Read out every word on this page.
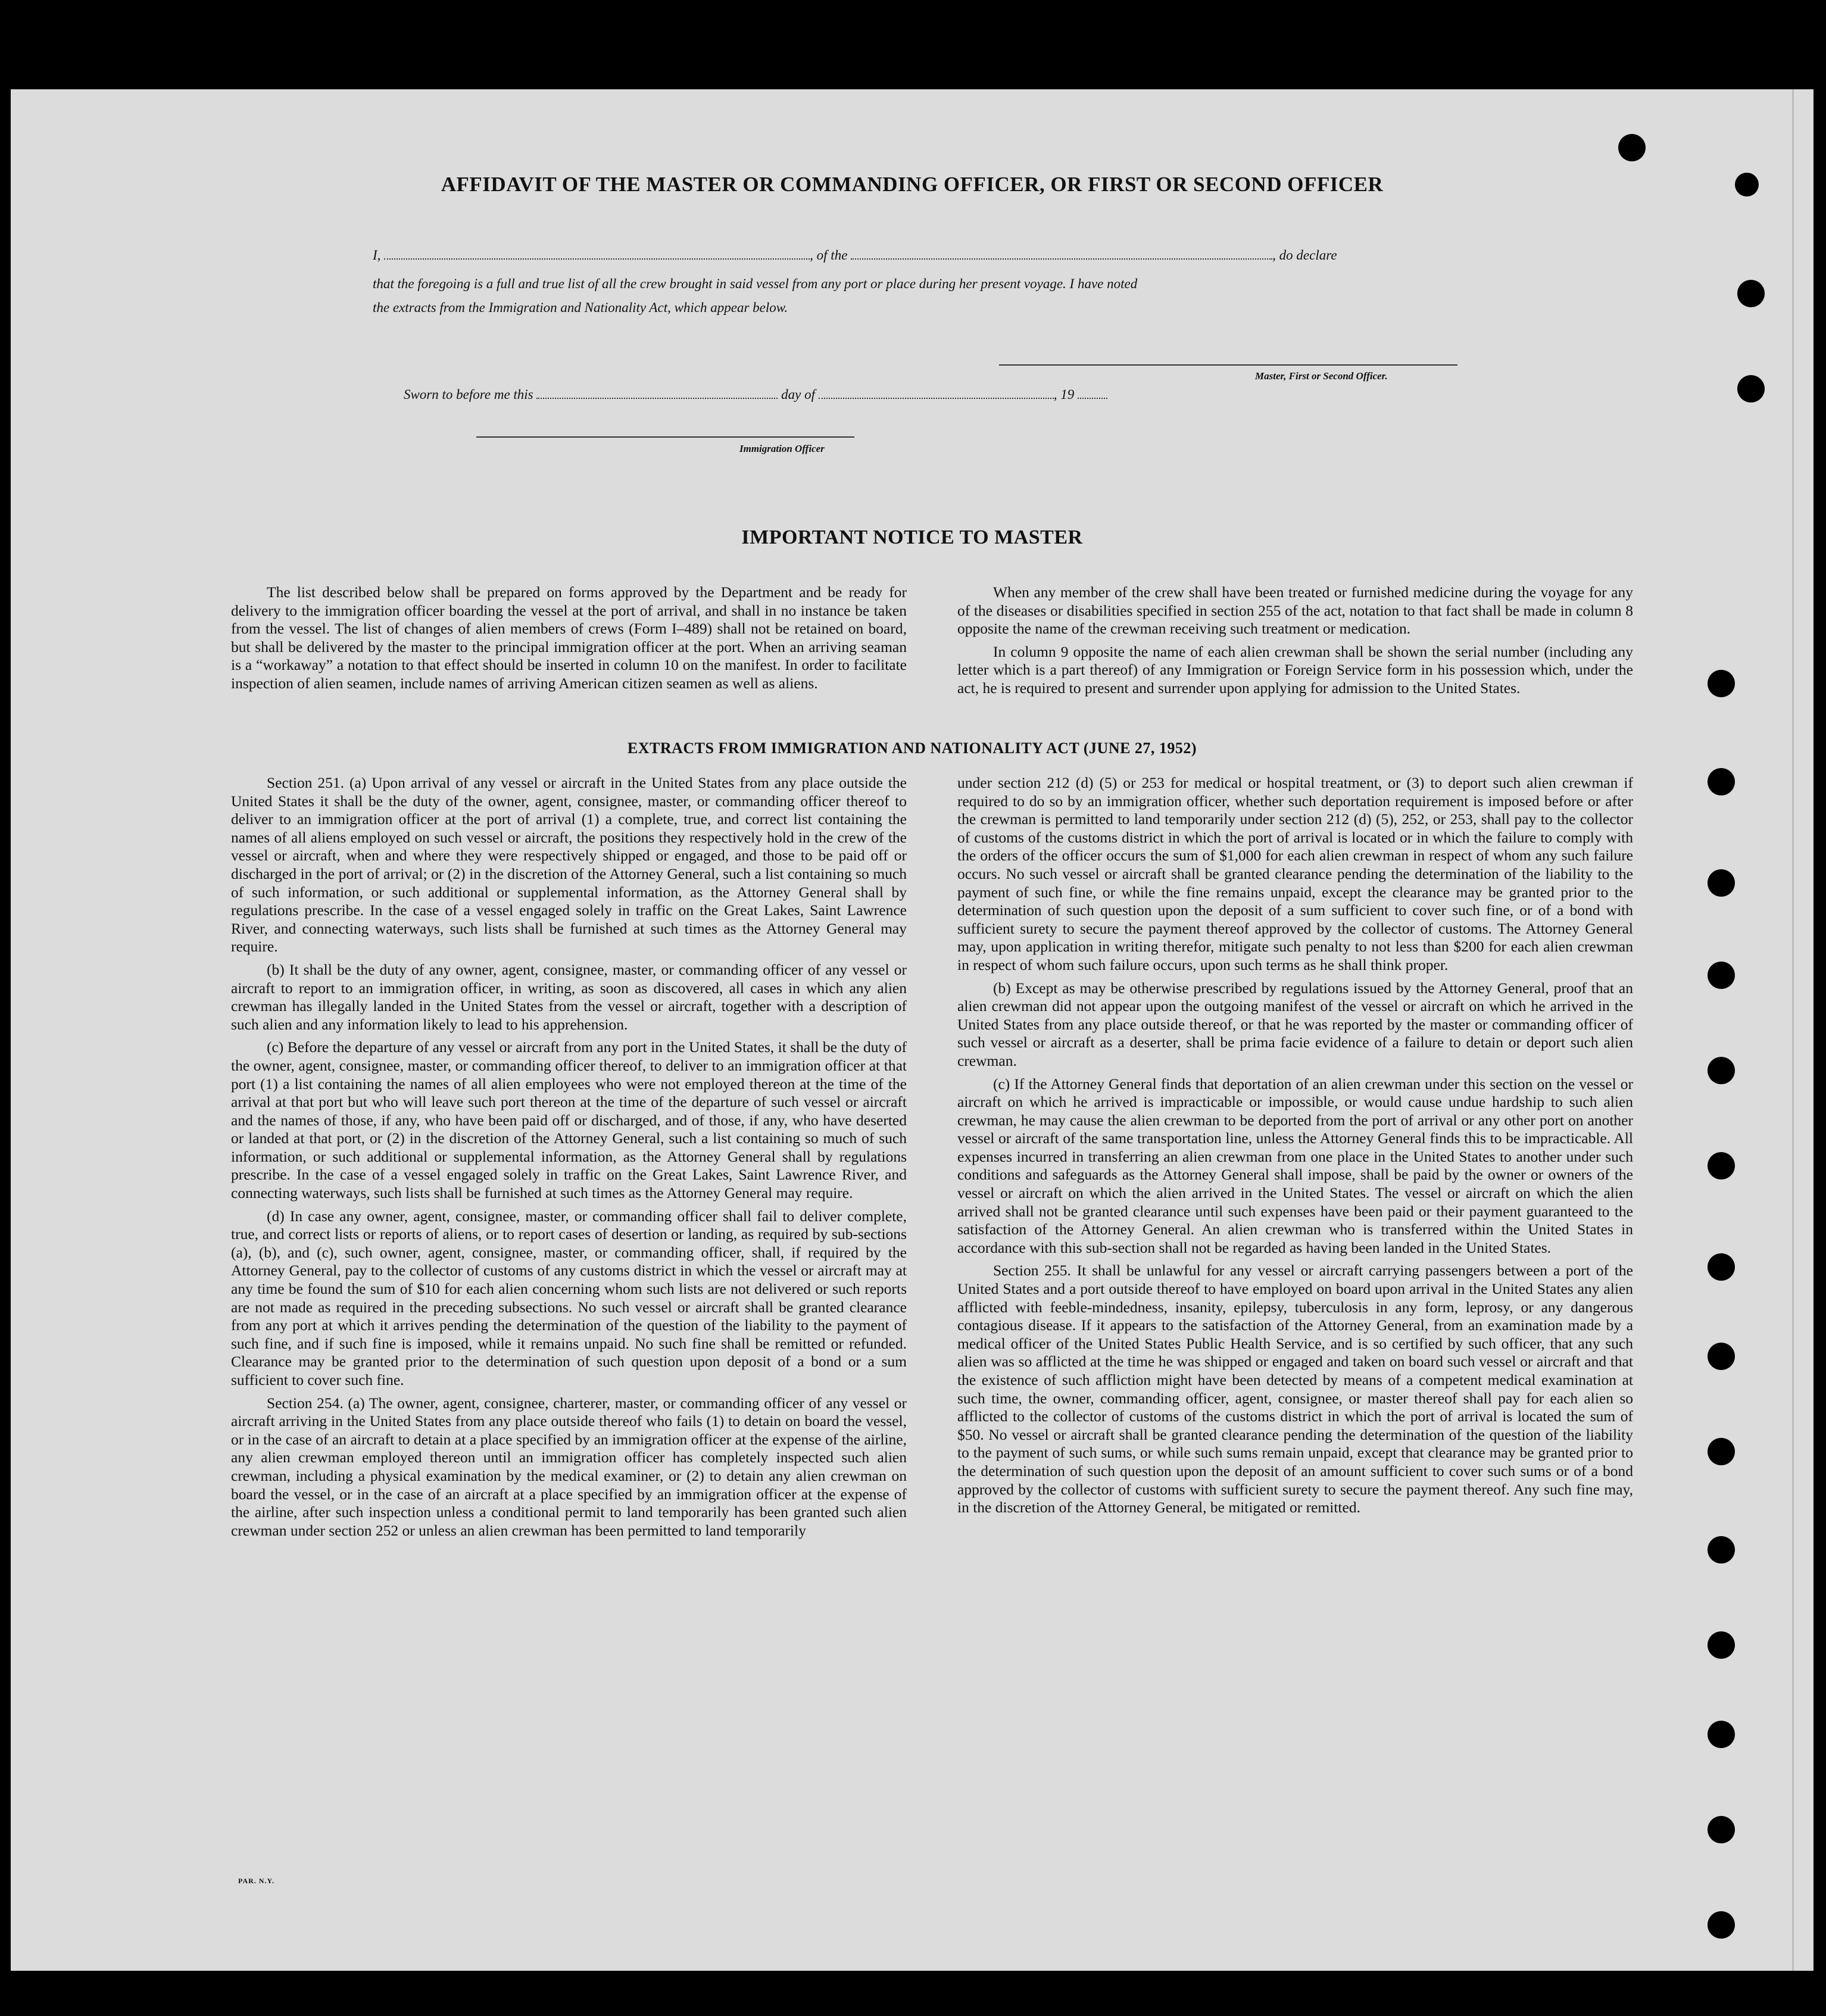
AFFIDAVIT OF THE MASTER OR COMMANDING OFFICER, OR FIRST OR SECOND OFFICER
I,	, of the	, do declare
that the foregoing is a full and true list of all the crew brought in said vessel from any port or place during her present voyage. I have noted
the extracts from the Immigration and Nationality Act, which appear below.
Master, First or Second Officer.
Sworn to before me this	day of	, 19
Immigration Officer
IMPORTANT NOTICE TO MASTER

The list described below shall be prepared on forms approved by the Department and be ready for delivery to the immigration officer boarding the vessel at the port of arrival, and shall in no instance be taken from the vessel. The list of changes of alien members of crews (Form I–489) shall not be retained on board, but shall be delivered by the master to the principal immigration officer at the port. When an arriving seaman is a “workaway” a notation to that effect should be inserted in column 10 on the manifest. In order to facilitate inspection of alien seamen, include names of arriving American citizen seamen as well as aliens.

When any member of the crew shall have been treated or furnished medicine during the voyage for any of the diseases or disabilities specified in section 255 of the act, notation to that fact shall be made in column 8 opposite the name of the crewman receiving such treatment or medication.

In column 9 opposite the name of each alien crewman shall be shown the serial number (including any letter which is a part thereof) of any Immigration or Foreign Service form in his possession which, under the act, he is required to present and surrender upon applying for admission to the United States.

EXTRACTS FROM IMMIGRATION AND NATIONALITY ACT (JUNE 27, 1952)

Section 251. (a) Upon arrival of any vessel or aircraft in the United States from any place outside the United States it shall be the duty of the owner, agent, consignee, master, or commanding officer thereof to deliver to an immigration officer at the port of arrival (1) a complete, true, and correct list containing the names of all aliens employed on such vessel or aircraft, the positions they respectively hold in the crew of the vessel or aircraft, when and where they were respectively shipped or engaged, and those to be paid off or discharged in the port of arrival; or (2) in the discretion of the Attorney General, such a list containing so much of such information, or such additional or supplemental information, as the Attorney General shall by regulations prescribe. In the case of a vessel engaged solely in traffic on the Great Lakes, Saint Lawrence River, and connecting waterways, such lists shall be furnished at such times as the Attorney General may require.

(b) It shall be the duty of any owner, agent, consignee, master, or commanding officer of any vessel or aircraft to report to an immigration officer, in writing, as soon as discovered, all cases in which any alien crewman has illegally landed in the United States from the vessel or aircraft, together with a description of such alien and any information likely to lead to his apprehension.

(c) Before the departure of any vessel or aircraft from any port in the United States, it shall be the duty of the owner, agent, consignee, master, or commanding officer thereof, to deliver to an immigration officer at that port (1) a list containing the names of all alien employees who were not employed thereon at the time of the arrival at that port but who will leave such port thereon at the time of the departure of such vessel or aircraft and the names of those, if any, who have been paid off or discharged, and of those, if any, who have deserted or landed at that port, or (2) in the discretion of the Attorney General, such a list containing so much of such information, or such additional or supplemental information, as the Attorney General shall by regulations prescribe. In the case of a vessel engaged solely in traffic on the Great Lakes, Saint Lawrence River, and connecting waterways, such lists shall be furnished at such times as the Attorney General may require.

(d) In case any owner, agent, consignee, master, or commanding officer shall fail to deliver complete, true, and correct lists or reports of aliens, or to report cases of desertion or landing, as required by sub-sections (a), (b), and (c), such owner, agent, consignee, master, or commanding officer, shall, if required by the Attorney General, pay to the collector of customs of any customs district in which the vessel or aircraft may at any time be found the sum of $10 for each alien concerning whom such lists are not delivered or such reports are not made as required in the preceding subsections. No such vessel or aircraft shall be granted clearance from any port at which it arrives pending the determination of the question of the liability to the payment of such fine, and if such fine is imposed, while it remains unpaid. No such fine shall be remitted or refunded. Clearance may be granted prior to the determination of such question upon deposit of a bond or a sum sufficient to cover such fine.

Section 254. (a) The owner, agent, consignee, charterer, master, or commanding officer of any vessel or aircraft arriving in the United States from any place outside thereof who fails (1) to detain on board the vessel, or in the case of an aircraft to detain at a place specified by an immigration officer at the expense of the airline, any alien crewman employed thereon until an immigration officer has completely inspected such alien crewman, including a physical examination by the medical examiner, or (2) to detain any alien crewman on board the vessel, or in the case of an aircraft at a place specified by an immigration officer at the expense of the airline, after such inspection unless a conditional permit to land temporarily has been granted such alien crewman under section 252 or unless an alien crewman has been permitted to land temporarily

under section 212 (d) (5) or 253 for medical or hospital treatment, or (3) to deport such alien crewman if required to do so by an immigration officer, whether such deportation requirement is imposed before or after the crewman is permitted to land temporarily under section 212 (d) (5), 252, or 253, shall pay to the collector of customs of the customs district in which the port of arrival is located or in which the failure to comply with the orders of the officer occurs the sum of $1,000 for each alien crewman in respect of whom any such failure occurs. No such vessel or aircraft shall be granted clearance pending the determination of the liability to the payment of such fine, or while the fine remains unpaid, except the clearance may be granted prior to the determination of such question upon the deposit of a sum sufficient to cover such fine, or of a bond with sufficient surety to secure the payment thereof approved by the collector of customs. The Attorney General may, upon application in writing therefor, mitigate such penalty to not less than $200 for each alien crewman in respect of whom such failure occurs, upon such terms as he shall think proper.

(b) Except as may be otherwise prescribed by regulations issued by the Attorney General, proof that an alien crewman did not appear upon the outgoing manifest of the vessel or aircraft on which he arrived in the United States from any place outside thereof, or that he was reported by the master or commanding officer of such vessel or aircraft as a deserter, shall be prima facie evidence of a failure to detain or deport such alien crewman.

(c) If the Attorney General finds that deportation of an alien crewman under this section on the vessel or aircraft on which he arrived is impracticable or impossible, or would cause undue hardship to such alien crewman, he may cause the alien crewman to be deported from the port of arrival or any other port on another vessel or aircraft of the same transportation line, unless the Attorney General finds this to be impracticable. All expenses incurred in transferring an alien crewman from one place in the United States to another under such conditions and safeguards as the Attorney General shall impose, shall be paid by the owner or owners of the vessel or aircraft on which the alien arrived in the United States. The vessel or aircraft on which the alien arrived shall not be granted clearance until such expenses have been paid or their payment guaranteed to the satisfaction of the Attorney General. An alien crewman who is transferred within the United States in accordance with this sub-section shall not be regarded as having been landed in the United States.

Section 255. It shall be unlawful for any vessel or aircraft carrying passengers between a port of the United States and a port outside thereof to have employed on board upon arrival in the United States any alien afflicted with feeble-mindedness, insanity, epilepsy, tuberculosis in any form, leprosy, or any dangerous contagious disease. If it appears to the satisfaction of the Attorney General, from an examination made by a medical officer of the United States Public Health Service, and is so certified by such officer, that any such alien was so afflicted at the time he was shipped or engaged and taken on board such vessel or aircraft and that the existence of such affliction might have been detected by means of a competent medical examination at such time, the owner, commanding officer, agent, consignee, or master thereof shall pay for each alien so afflicted to the collector of customs of the customs district in which the port of arrival is located the sum of $50. No vessel or aircraft shall be granted clearance pending the determination of the question of the liability to the payment of such sums, or while such sums remain unpaid, except that clearance may be granted prior to the determination of such question upon the deposit of an amount sufficient to cover such sums or of a bond approved by the collector of customs with sufficient surety to secure the payment thereof. Any such fine may, in the discretion of the Attorney General, be mitigated or remitted.

PAR. N.Y.
